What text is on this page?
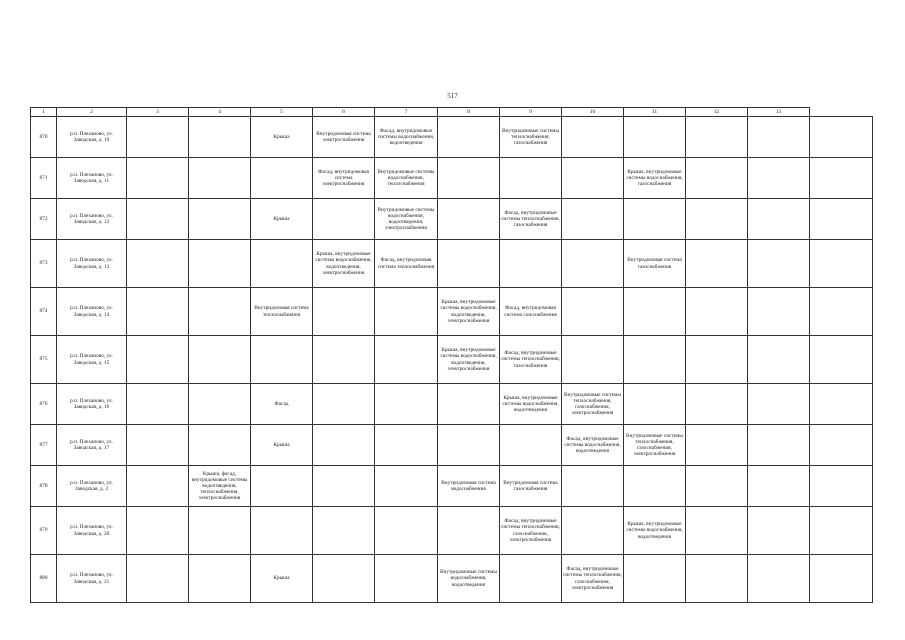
517
1	2	3	4	5	6	7	8	9	10	11	12	13	
870	р.п. Плеханово, ул. Заводская, д. 10			Крыша	Внутридомовая система электроснабжения	Фасад, внутридомовые системы водоснабжения, водоотведения		Внутридомовые системы теплоснабжения, газоснабжения					
871	р.п. Плеханово, ул. Заводская, д. 11				Фасад, внутридомовая система электроснабжения	Внутридомовые системы водоснабжения, теплоснабжения				Крыша, внутридомовые системы водоснабжения, газоснабжения			
872	р.п. Плеханово, ул. Заводская, д. 12			Крыша		Внутридомовые системы водоснабжения, водоотведения, электроснабжения		Фасад, внутридомовые системы теплоснабжения, газоснабжения					
873	р.п. Плеханово, ул. Заводская, д. 13				Крыша, внутридомовые системы водоснабжения, водоотведения, электроснабжения	Фасад, внутридомовая система теплоснабжения				Внутридомовая система газоснабжения			
874	р.п. Плеханово, ул. Заводская, д. 14			Внутридомовая система теплоснабжения			Крыша, внутридомовые системы водоснабжения, водоотведения, электроснабжения	Фасад, внутридомовая система газоснабжения					
875	р.п. Плеханово, ул. Заводская, д. 15						Крыша, внутридомовые системы водоснабжения, водоотведения, электроснабжения	Фасад, внутридомовые системы теплоснабжения, газоснабжения					
876	р.п. Плеханово, ул. Заводская, д. 16			Фасад				Крыша, внутридомовые системы водоснабжения, водоотведения	Внутридомовые системы теплоснабжения, газоснабжения, электроснабжения				
877	р.п. Плеханово, ул. Заводская, д. 17			Крыша					Фасад, внутридомовые системы водоснабжения, водоотведения	Внутридомовые системы теплоснабжения, газоснабжения, электроснабжения			
878	р.п. Плеханово, ул. Заводская, д. 2		Крыша, фасад, внутридомовые системы водоотведения, теплоснабжения, электроснабжения				Внутридомовая система водоснабжения	Внутридомовая система газоснабжения					
879	р.п. Плеханово, ул. Заводская, д. 20							Фасад, внутридомовые системы теплоснабжения, газоснабжения, электроснабжения		Крыша, внутридомовые системы водоснабжения, водоотведения			
880	р.п. Плеханово, ул. Заводская, д. 21			Крыша			Внутридомовые системы водоснабжения, водоотведения		Фасад, внутридомовые системы теплоснабжения, газоснабжения, электроснабжения				
